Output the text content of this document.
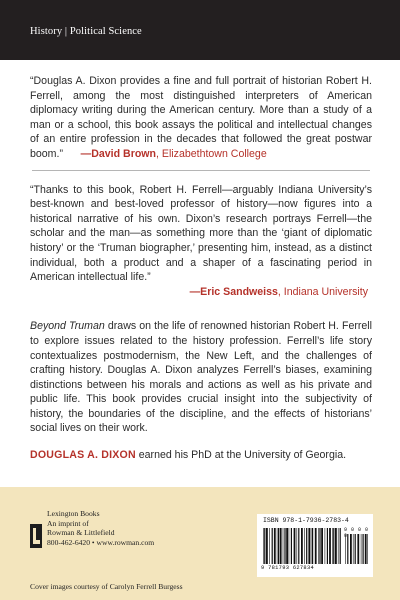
History | Political Science

“Douglas A. Dixon provides a fine and full portrait of historian Robert H. Ferrell, among the most distinguished interpreters of American diplomacy writing during the American century. More than a study of a man or a school, this book assays the political and intellectual changes of an entire profession in the decades that followed the great postwar boom.” —David Brown, Elizabethtown College

“Thanks to this book, Robert H. Ferrell—arguably Indiana University’s best-known and best-loved professor of history—now figures into a historical narrative of his own. Dixon’s research portrays Ferrell—the scholar and the man—as something more than the ‘giant of diplomatic history’ or the ‘Truman biographer,’ presenting him, instead, as a distinct individual, both a product and a shaper of a fascinating period in American intellectual life.”

—Eric Sandweiss, Indiana University

Beyond Truman draws on the life of renowned historian Robert H. Ferrell to explore issues related to the history profession. Ferrell’s life story contextualizes postmodernism, the New Left, and the challenges of crafting history. Douglas A. Dixon analyzes Ferrell’s biases, examining distinctions between his morals and actions as well as his private and public life. This book provides crucial insight into the subjectivity of history, the boundaries of the discipline, and the effects of historians’ social lives on their work.

DOUGLAS A. DIXON earned his PhD at the University of Georgia.

Lexington Books
An imprint of
Rowman & Littlefield
800-462-6420 • www.rowman.com
Cover images courtesy of Carolyn Ferrell Burgess
ISBN 978-1-7936-2783-4
9 0 0 0 0
9 781793 627834
